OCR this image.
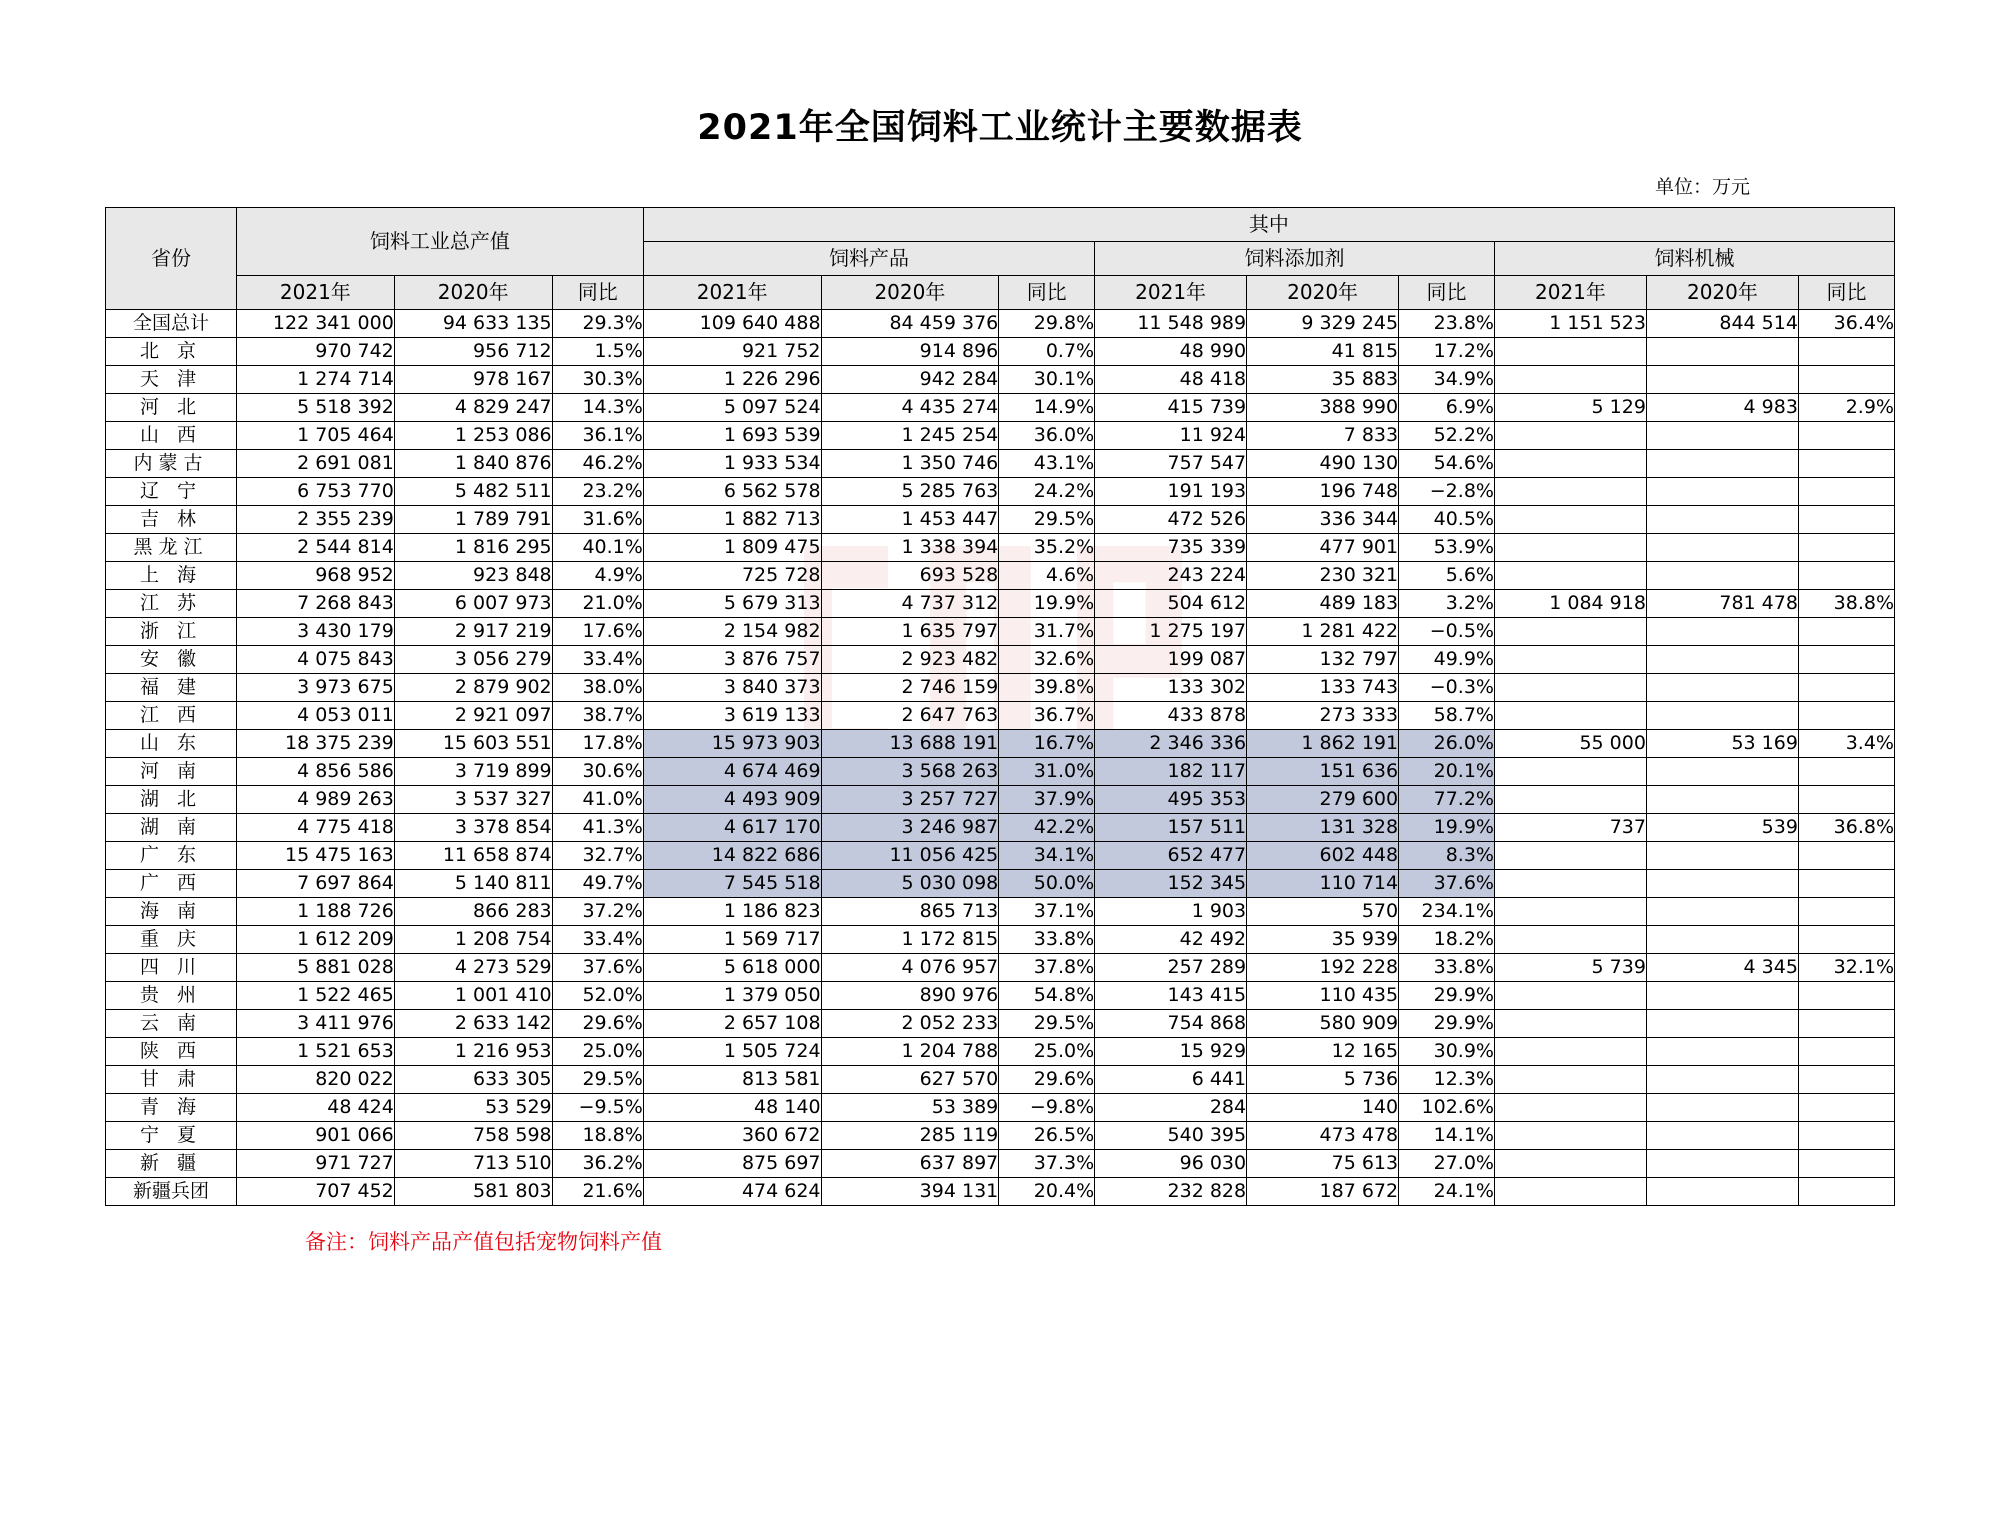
2021年全国饲料工业统计主要数据表
单位：万元
省份	饲料工业总产值			其中								
				饲料产品			饲料添加剂			饲料机械		
	2021年	2020年	同比	2021年	2020年	同比	2021年	2020年	同比	2021年	2020年	同比
全国总计	122 341 000	94 633 135	29.3%	109 640 488	84 459 376	29.8%	11 548 989	9 329 245	23.8%	1 151 523	844 514	36.4%
北 京	970 742	956 712	1.5%	921 752	914 896	0.7%	48 990	41 815	17.2%			
天 津	1 274 714	978 167	30.3%	1 226 296	942 284	30.1%	48 418	35 883	34.9%			
河 北	5 518 392	4 829 247	14.3%	5 097 524	4 435 274	14.9%	415 739	388 990	6.9%	5 129	4 983	2.9%
山 西	1 705 464	1 253 086	36.1%	1 693 539	1 245 254	36.0%	11 924	7 833	52.2%			
内蒙古	2 691 081	1 840 876	46.2%	1 933 534	1 350 746	43.1%	757 547	490 130	54.6%			
辽 宁	6 753 770	5 482 511	23.2%	6 562 578	5 285 763	24.2%	191 193	196 748	−2.8%			
吉 林	2 355 239	1 789 791	31.6%	1 882 713	1 453 447	29.5%	472 526	336 344	40.5%			
黑龙江	2 544 814	1 816 295	40.1%	1 809 475	1 338 394	35.2%	735 339	477 901	53.9%			
上 海	968 952	923 848	4.9%	725 728	693 528	4.6%	243 224	230 321	5.6%			
江 苏	7 268 843	6 007 973	21.0%	5 679 313	4 737 312	19.9%	504 612	489 183	3.2%	1 084 918	781 478	38.8%
浙 江	3 430 179	2 917 219	17.6%	2 154 982	1 635 797	31.7%	1 275 197	1 281 422	−0.5%			
安 徽	4 075 843	3 056 279	33.4%	3 876 757	2 923 482	32.6%	199 087	132 797	49.9%			
福 建	3 973 675	2 879 902	38.0%	3 840 373	2 746 159	39.8%	133 302	133 743	−0.3%			
江 西	4 053 011	2 921 097	38.7%	3 619 133	2 647 763	36.7%	433 878	273 333	58.7%			
山 东	18 375 239	15 603 551	17.8%	15 973 903	13 688 191	16.7%	2 346 336	1 862 191	26.0%	55 000	53 169	3.4%
河 南	4 856 586	3 719 899	30.6%	4 674 469	3 568 263	31.0%	182 117	151 636	20.1%			
湖 北	4 989 263	3 537 327	41.0%	4 493 909	3 257 727	37.9%	495 353	279 600	77.2%			
湖 南	4 775 418	3 378 854	41.3%	4 617 170	3 246 987	42.2%	157 511	131 328	19.9%	737	539	36.8%
广 东	15 475 163	11 658 874	32.7%	14 822 686	11 056 425	34.1%	652 477	602 448	8.3%			
广 西	7 697 864	5 140 811	49.7%	7 545 518	5 030 098	50.0%	152 345	110 714	37.6%			
海 南	1 188 726	866 283	37.2%	1 186 823	865 713	37.1%	1 903	570	234.1%			
重 庆	1 612 209	1 208 754	33.4%	1 569 717	1 172 815	33.8%	42 492	35 939	18.2%			
四 川	5 881 028	4 273 529	37.6%	5 618 000	4 076 957	37.8%	257 289	192 228	33.8%	5 739	4 345	32.1%
贵 州	1 522 465	1 001 410	52.0%	1 379 050	890 976	54.8%	143 415	110 435	29.9%			
云 南	3 411 976	2 633 142	29.6%	2 657 108	2 052 233	29.5%	754 868	580 909	29.9%			
陕 西	1 521 653	1 216 953	25.0%	1 505 724	1 204 788	25.0%	15 929	12 165	30.9%			
甘 肃	820 022	633 305	29.5%	813 581	627 570	29.6%	6 441	5 736	12.3%			
青 海	48 424	53 529	−9.5%	48 140	53 389	−9.8%	284	140	102.6%			
宁 夏	901 066	758 598	18.8%	360 672	285 119	26.5%	540 395	473 478	14.1%			
新 疆	971 727	713 510	36.2%	875 697	637 897	37.3%	96 030	75 613	27.0%			
新疆兵团	707 452	581 803	21.6%	474 624	394 131	20.4%	232 828	187 672	24.1%			
备注：饲料产品产值包括宠物饲料产值
